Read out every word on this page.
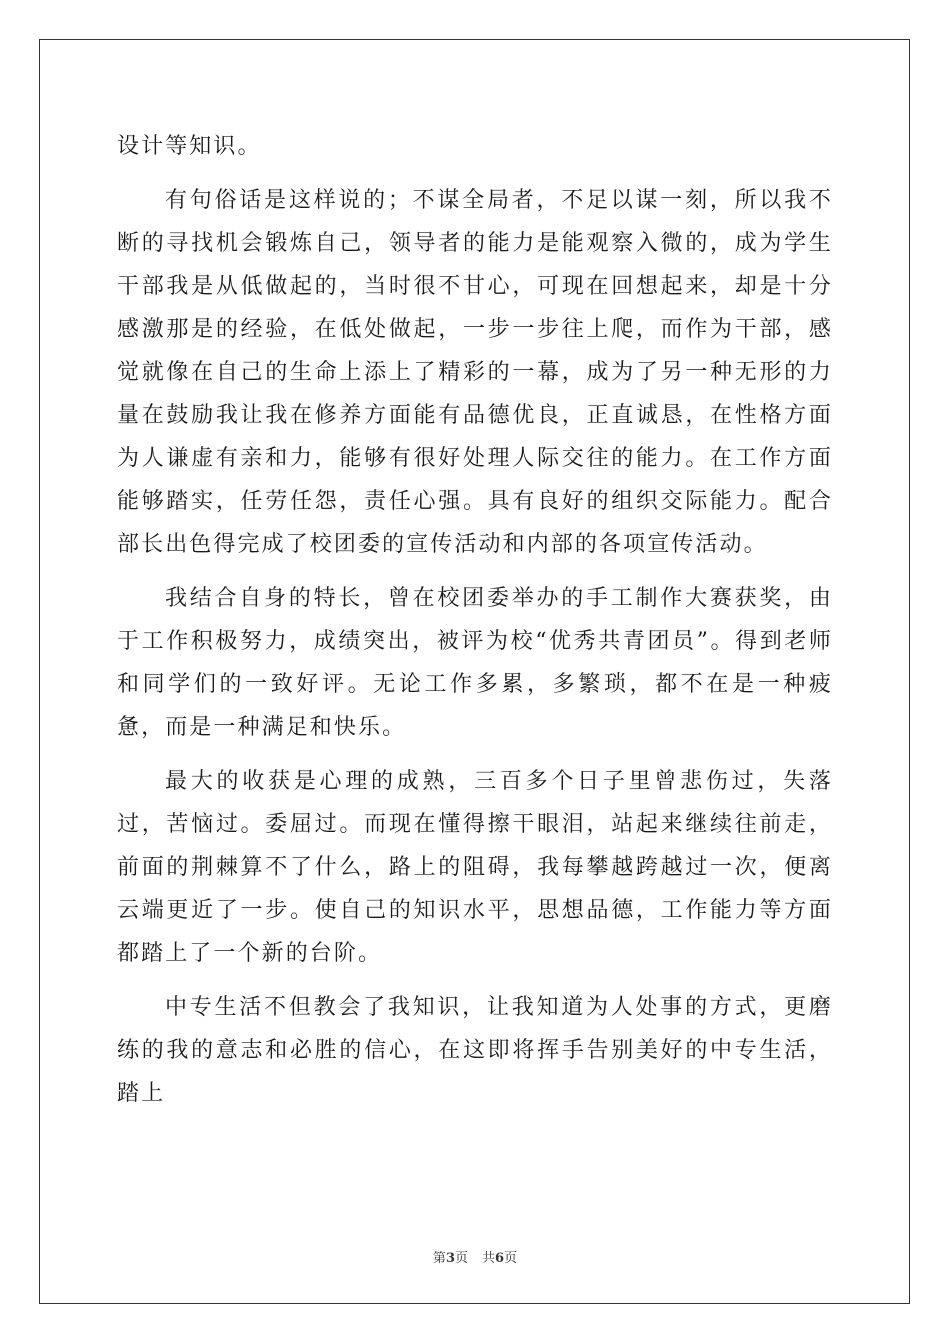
设计等知识。

有句俗话是这样说的；不谋全局者，不足以谋一刻，所以我不断的寻找机会锻炼自己，领导者的能力是能观察入微的，成为学生干部我是从低做起的，当时很不甘心，可现在回想起来，却是十分感激那是的经验，在低处做起，一步一步往上爬，而作为干部，感觉就像在自己的生命上添上了精彩的一幕，成为了另一种无形的力量在鼓励我让我在修养方面能有品德优良，正直诚恳，在性格方面为人谦虚有亲和力，能够有很好处理人际交往的能力。在工作方面能够踏实，任劳任怨，责任心强。具有良好的组织交际能力。配合部长出色得完成了校团委的宣传活动和内部的各项宣传活动。

我结合自身的特长，曾在校团委举办的手工制作大赛获奖，由于工作积极努力，成绩突出，被评为校“优秀共青团员”。得到老师和同学们的一致好评。无论工作多累，多繁琐，都不在是一种疲惫，而是一种满足和快乐。

最大的收获是心理的成熟，三百多个日子里曾悲伤过，失落过，苦恼过。委屈过。而现在懂得擦干眼泪，站起来继续往前走，前面的荆棘算不了什么，路上的阻碍，我每攀越跨越过一次，便离云端更近了一步。使自己的知识水平，思想品德，工作能力等方面都踏上了一个新的台阶。

中专生活不但教会了我知识，让我知道为人处事的方式，更磨练的我的意志和必胜的信心，在这即将挥手告别美好的中专生活，踏上

第3页 共6页
